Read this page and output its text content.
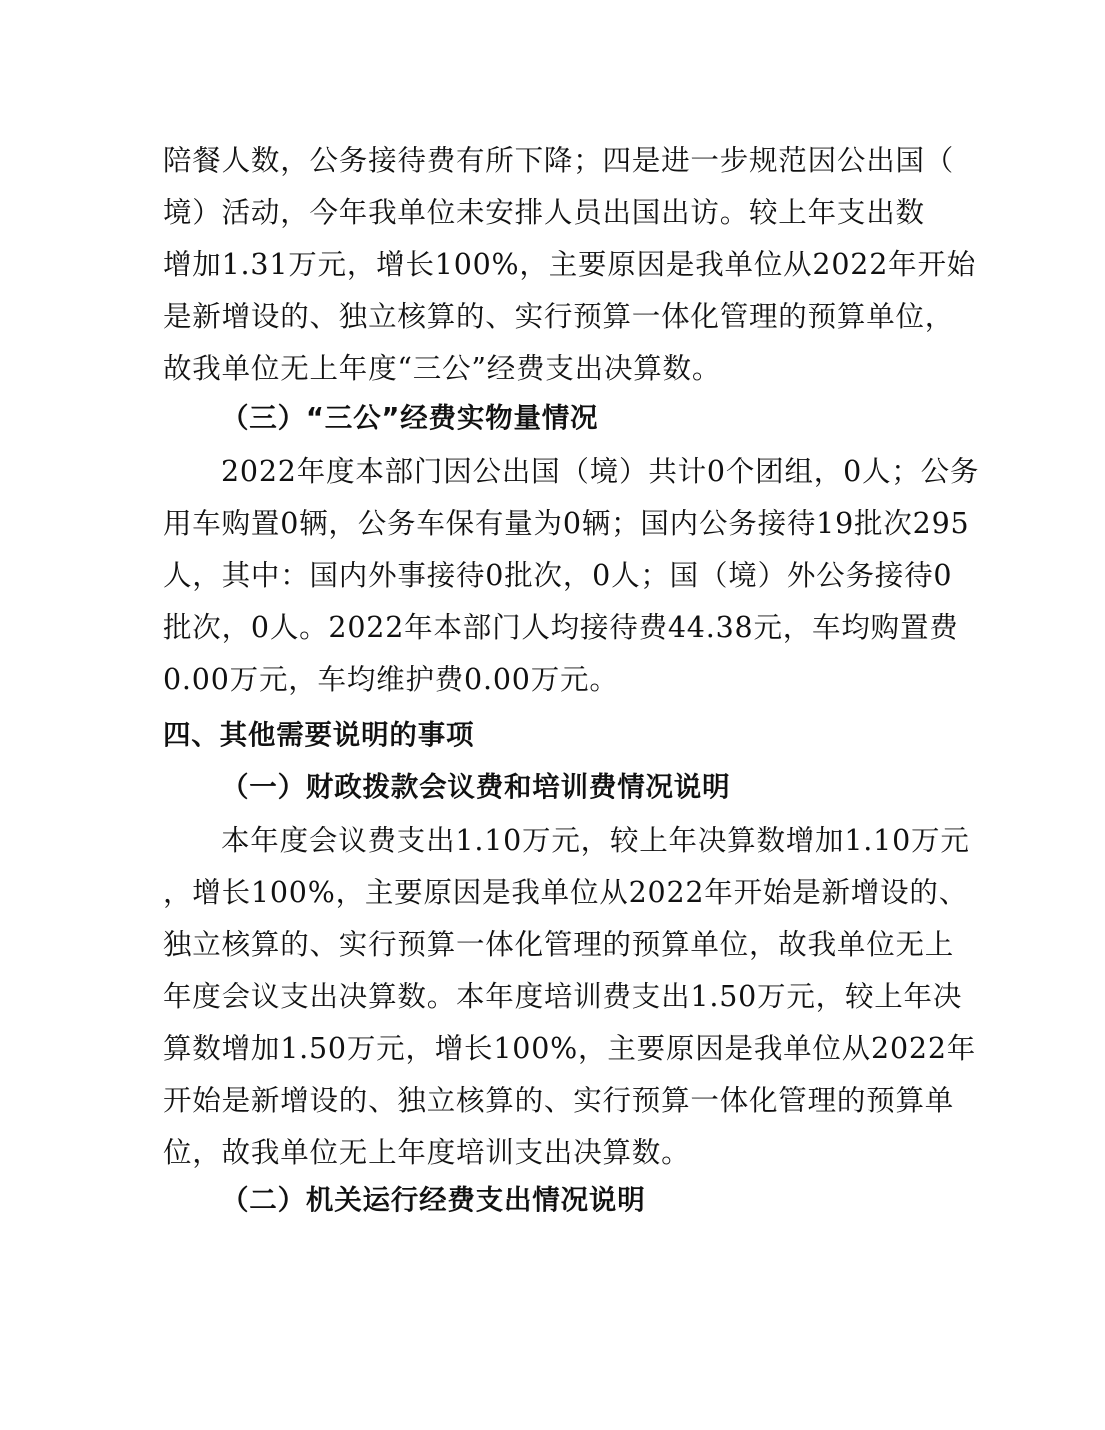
陪餐人数，公务接待费有所下降；四是进一步规范因公出国（
境）活动，今年我单位未安排人员出国出访。较上年支出数
增加1.31万元，增长100%，主要原因是我单位从2022年开始
是新增设的、独立核算的、实行预算一体化管理的预算单位，
故我单位无上年度“三公”经费支出决算数。
（三）“三公”经费实物量情况
2022年度本部门因公出国（境）共计0个团组，0人；公务
用车购置0辆，公务车保有量为0辆；国内公务接待19批次295
人，其中：国内外事接待0批次，0人；国（境）外公务接待0
批次，0人。2022年本部门人均接待费44.38元，车均购置费
0.00万元，车均维护费0.00万元。
四、其他需要说明的事项
（一）财政拨款会议费和培训费情况说明
本年度会议费支出1.10万元，较上年决算数增加1.10万元
，增长100%，主要原因是我单位从2022年开始是新增设的、
独立核算的、实行预算一体化管理的预算单位，故我单位无上
年度会议支出决算数。本年度培训费支出1.50万元，较上年决
算数增加1.50万元，增长100%，主要原因是我单位从2022年
开始是新增设的、独立核算的、实行预算一体化管理的预算单
位，故我单位无上年度培训支出决算数。
（二）机关运行经费支出情况说明
